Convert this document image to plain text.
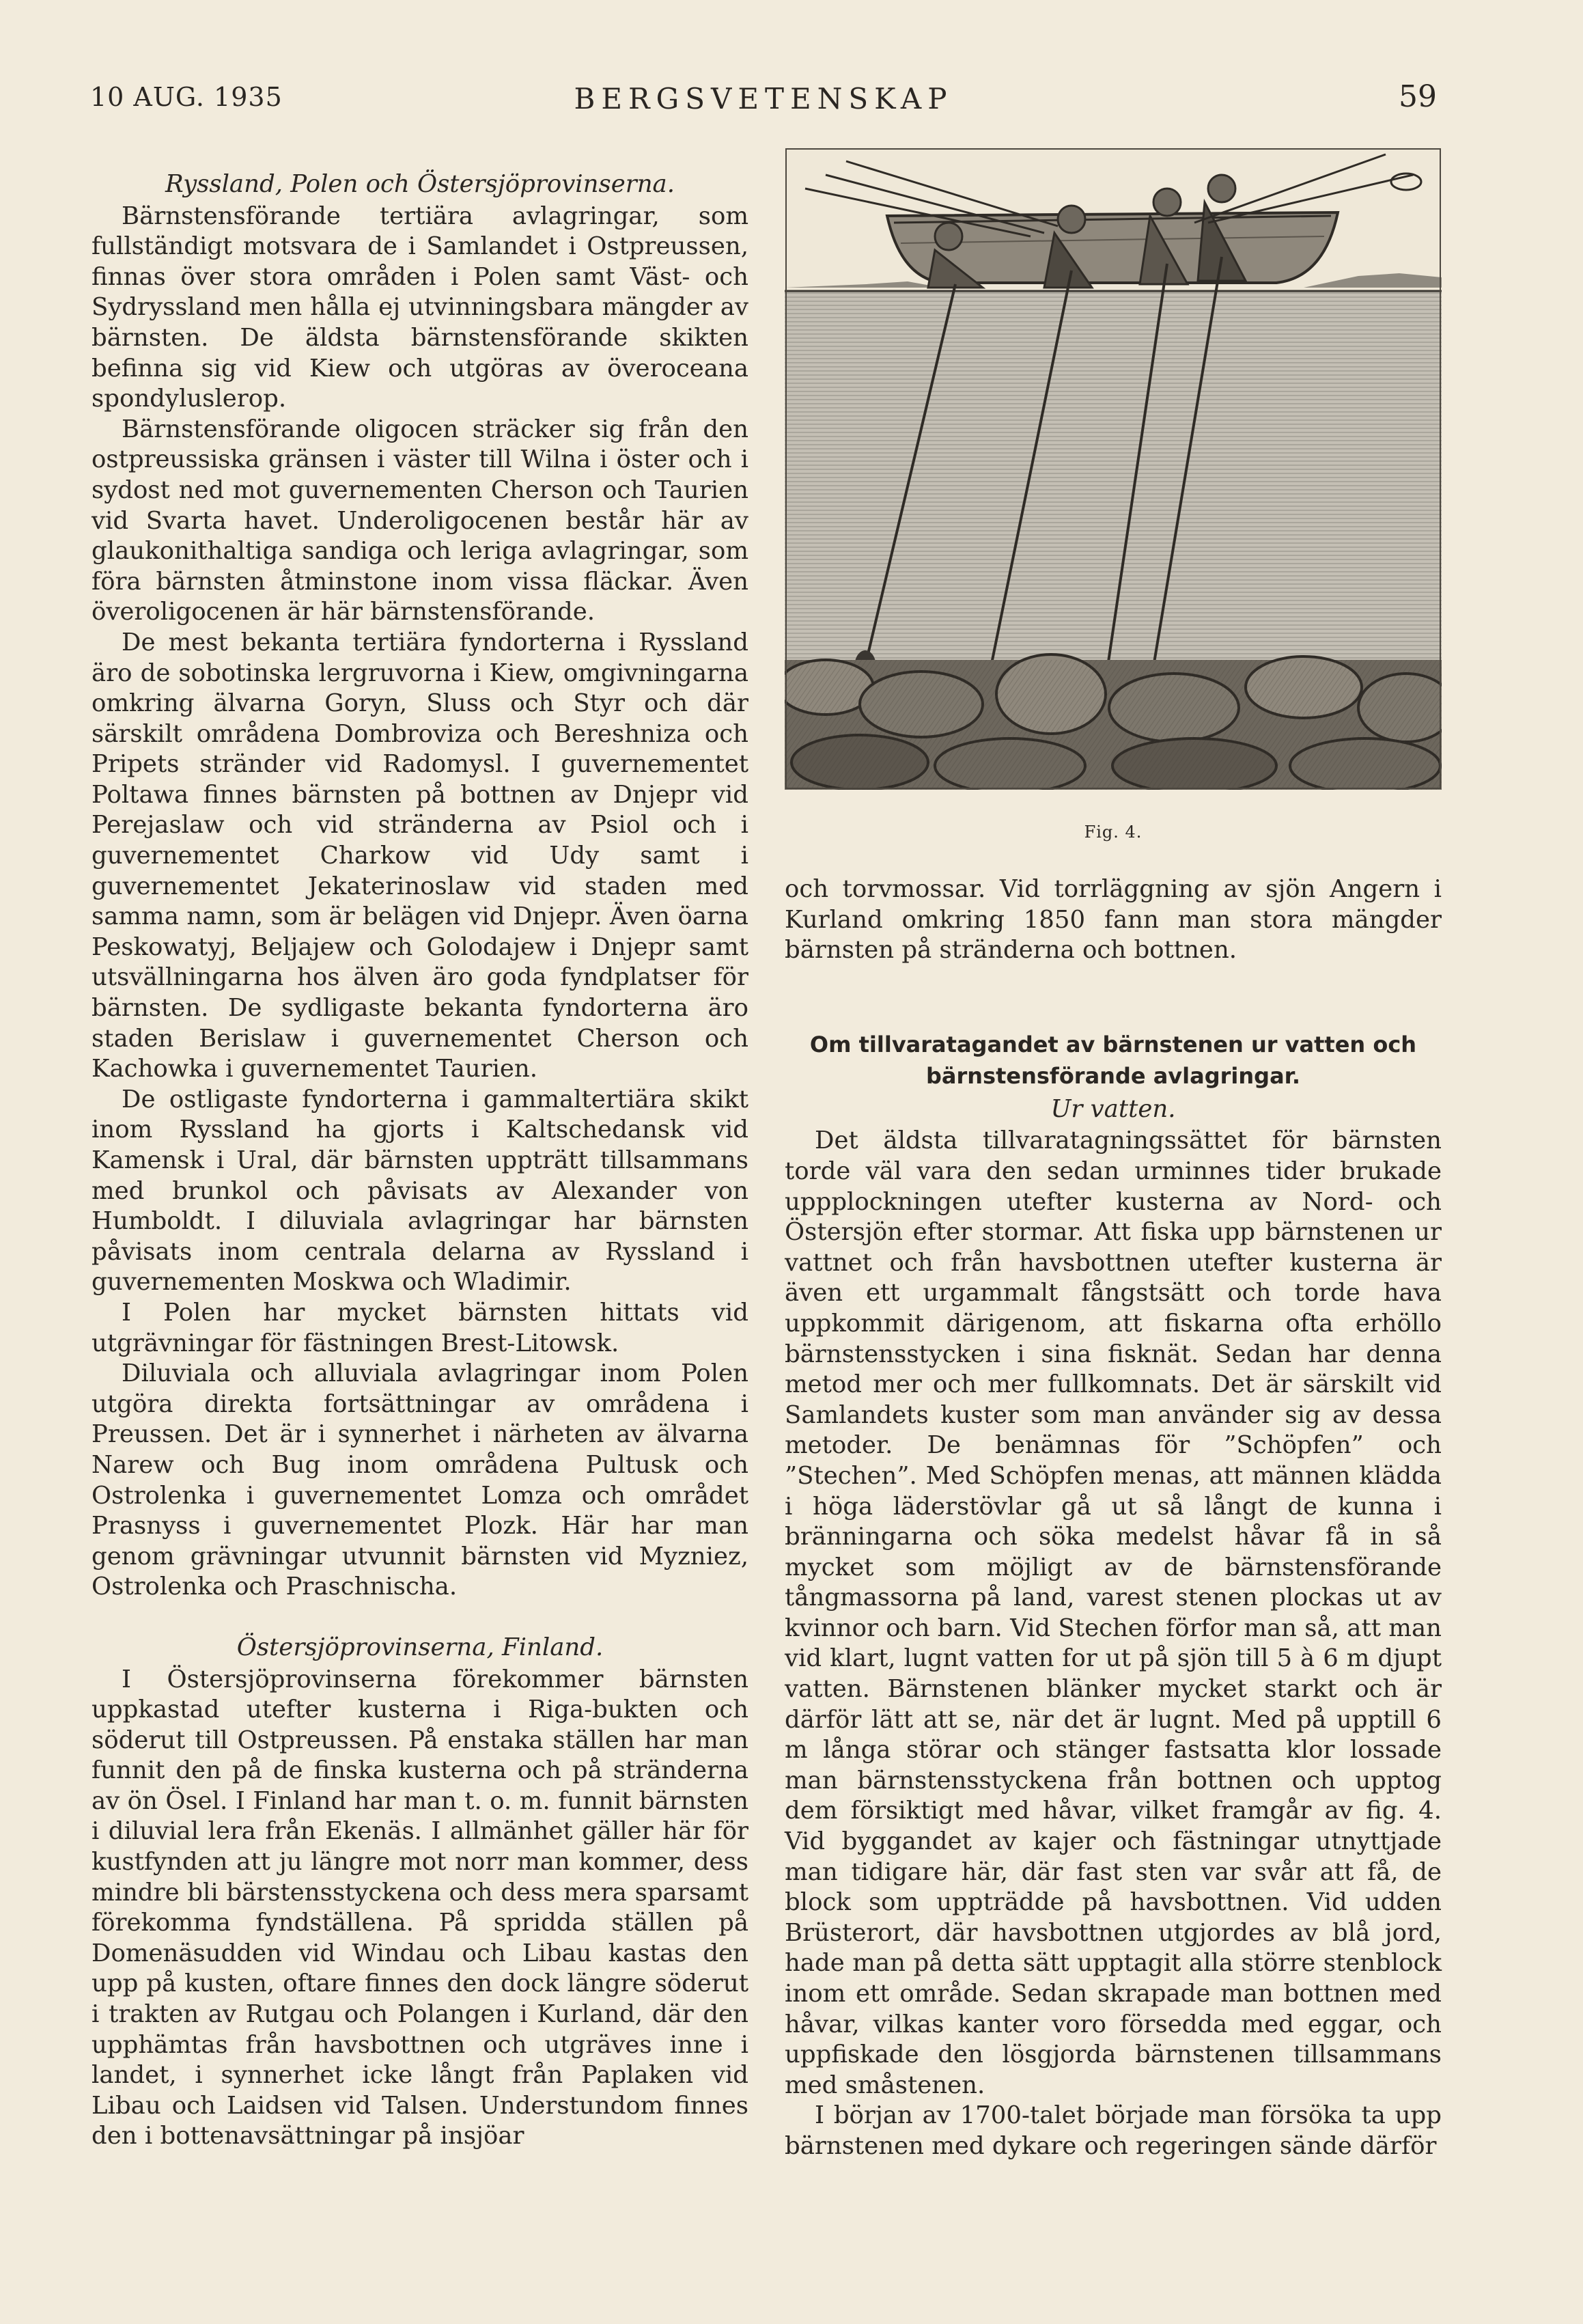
10 AUG. 1935	BERGSVETENSKAP	59
Ryssland, Polen och Östersjöprovinserna.

Bärnstensförande tertiära avlagringar, som fullständigt motsvara de i Samlandet i Ostpreussen, finnas över stora områden i Polen samt Väst- och Sydryssland men hålla ej utvinningsbara mängder av bärnsten. De äldsta bärnstensförande skikten befinna sig vid Kiew och utgöras av överoceana spondyluslerор.

Bärnstensförande oligocen sträcker sig från den ostpreussiska gränsen i väster till Wilna i öster och i sydost ned mot guvernementen Cherson och Taurien vid Svarta havet. Underoligocenen består här av glaukonithaltiga sandiga och leriga avlagringar, som föra bärnsten åtminstone inom vissa fläckar. Även överoligocenen är här bärnstensförande.

De mest bekanta tertiära fyndorterna i Ryssland äro de sobotinska lergruvorna i Kiew, omgivningarna omkring älvarna Goryn, Sluss och Styr och där särskilt områdena Dombroviza och Bereshniza och Pripets stränder vid Radomysl. I guvernementet Poltawa finnes bärnsten på bottnen av Dnjepr vid Perejaslaw och vid stränderna av Psiol och i guvernementet Charkow vid Udy samt i guvernementet Jekaterinoslaw vid staden med samma namn, som är belägen vid Dnjepr. Även öarna Peskowatyj, Beljajew och Golodajew i Dnjepr samt utsvällningarna hos älven äro goda fyndplatser för bärnsten. De sydligaste bekanta fyndorterna äro staden Berislaw i guvernementet Cherson och Kachowka i guvernementet Taurien.

De ostligaste fyndorterna i gammaltertiära skikt inom Ryssland ha gjorts i Kaltschedansk vid Kamensk i Ural, där bärnsten uppträtt tillsammans med brunkol och påvisats av Alexander von Humboldt. I diluviala avlagringar har bärnsten påvisats inom centrala delarna av Ryssland i guvernementen Moskwa och Wladimir.

I Polen har mycket bärnsten hittats vid utgrävningar för fästningen Brest-Litowsk.

Diluviala och alluviala avlagringar inom Polen utgöra direkta fortsättningar av områdena i Preussen. Det är i synnerhet i närheten av älvarna Narew och Bug inom områdena Pultusk och Ostrolenka i guvernementet Lomza och området Prasnyss i guvernementet Plozk. Här har man genom grävningar utvunnit bärnsten vid Myzniez, Ostrolenka och Praschnischa.

Östersjöprovinserna, Finland.

I Östersjöprovinserna förekommer bärnsten uppkastad utefter kusterna i Riga-bukten och söderut till Ostpreussen. På enstaka ställen har man funnit den på de finska kusterna och på stränderna av ön Ösel. I Finland har man t. o. m. funnit bärnsten i diluvial lera från Ekenäs. I allmänhet gäller här för kustfynden att ju längre mot norr man kommer, dess mindre bli bärstensstyckena och dess mera sparsamt förekomma fyndställena. På spridda ställen på Domenäsudden vid Windau och Libau kastas den upp på kusten, oftare finnes den dock längre söderut i trakten av Rutgau och Polangen i Kurland, där den upphämtas från havsbottnen och utgräves inne i landet, i synnerhet icke långt från Paplaken vid Libau och Laidsen vid Talsen. Understundom finnes den i bottenavsättningar på insjöar

Fig. 4.

och torvmossar. Vid torrläggning av sjön Angern i Kurland omkring 1850 fann man stora mängder bärnsten på stränderna och bottnen.

Om tillvaratagandet av bärnstenen ur vatten och bärnstensförande avlagringar.
Ur vatten.

Det äldsta tillvaratagningssättet för bärnsten torde väl vara den sedan urminnes tider brukade uppplockningen utefter kusterna av Nord- och Östersjön efter stormar. Att fiska upp bärnstenen ur vattnet och från havsbottnen utefter kusterna är även ett urgammalt fångstsätt och torde hava uppkommit därigenom, att fiskarna ofta erhöllo bärnstensstycken i sina fisknät. Sedan har denna metod mer och mer fullkomnats. Det är särskilt vid Samlandets kuster som man använder sig av dessa metoder. De benämnas för ”Schöpfen” och ”Stechen”. Med Schöpfen menas, att männen klädda i höga läderstövlar gå ut så långt de kunna i bränningarna och söka medelst håvar få in så mycket som möjligt av de bärnstensförande tångmassorna på land, varest stenen plockas ut av kvinnor och barn. Vid Stechen förfor man så, att man vid klart, lugnt vatten for ut på sjön till 5 à 6 m djupt vatten. Bärnstenen blänker mycket starkt och är därför lätt att se, när det är lugnt. Med på upptill 6 m långa störar och stänger fastsatta klor lossade man bärnstensstyckena från bottnen och upptog dem försiktigt med håvar, vilket framgår av fig. 4. Vid byggandet av kajer och fästningar utnyttjade man tidigare här, där fast sten var svår att få, de block som uppträdde på havsbottnen. Vid udden Brüsterort, där havsbottnen utgjordes av blå jord, hade man på detta sätt upptagit alla större stenblock inom ett område. Sedan skrapade man bottnen med håvar, vilkas kanter voro försedda med eggar, och uppfiskade den lösgjorda bärnstenen tillsammans med småstenen.

I början av 1700-talet började man försöka ta upp bärnstenen med dykare och regeringen sände därför
